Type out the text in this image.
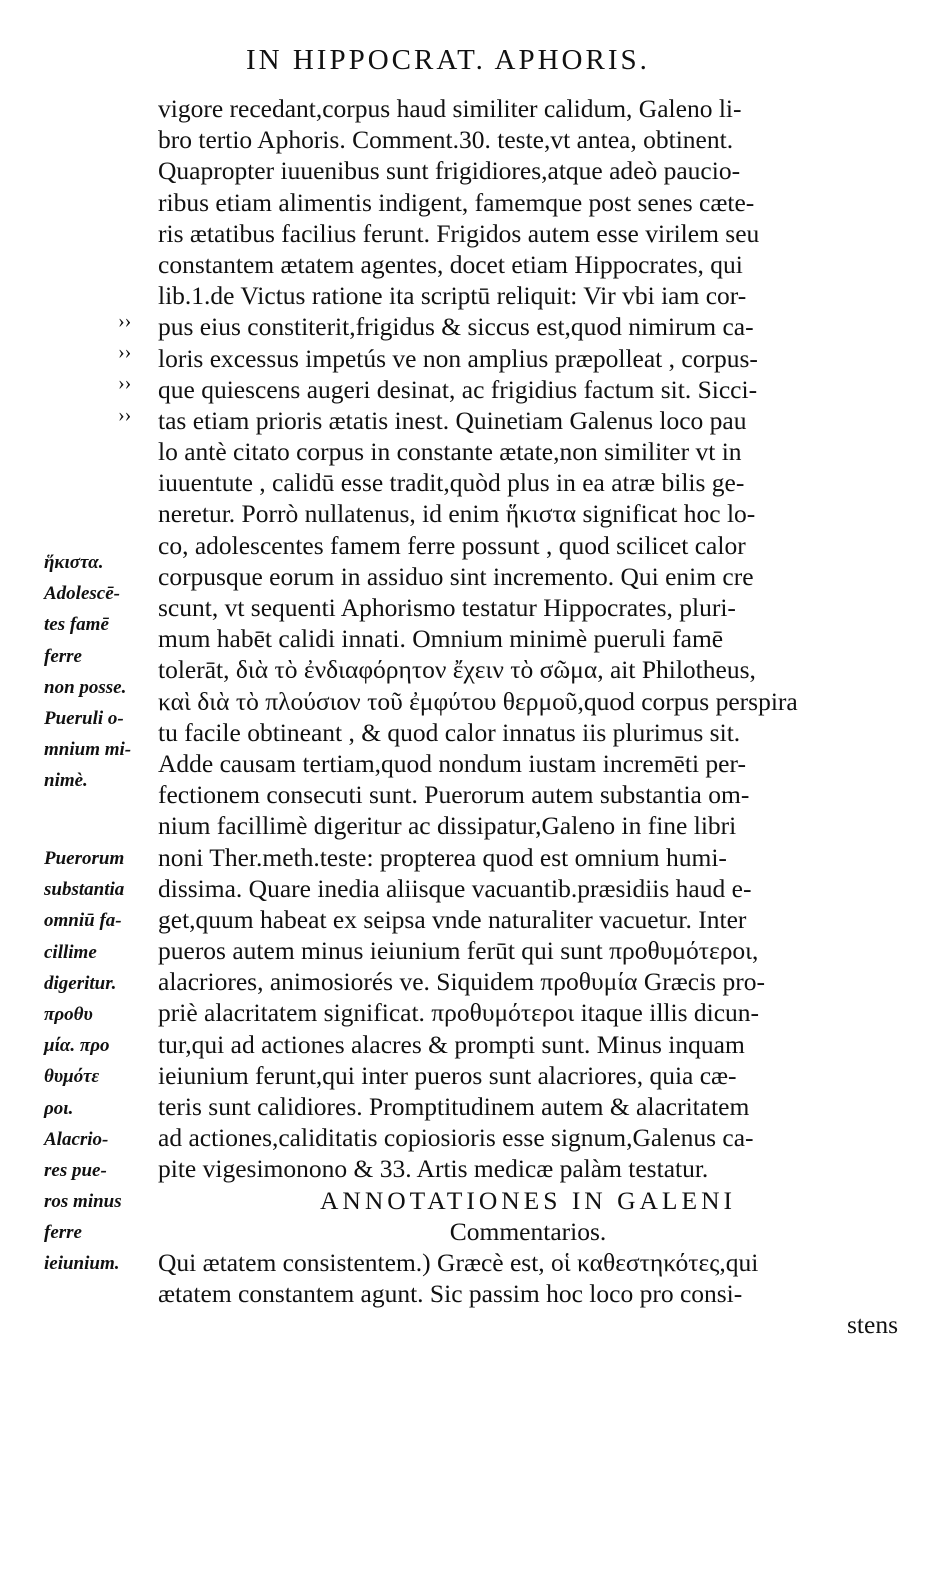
IN HIPPOCRAT. APHORIS.
››
››
››
››
ἥκιστα.
Adolescē-
tes famē
ferre
non posse.
Pueruli o-
mnium mi-
nimè.
Puerorum
substantia
omniū fa-
cillime
digeritur.
προθυ
μία. προ
θυμότε
ροι.
Alacrio-
res pue-
ros minus
ferre
ieiunium.
vigore recedant,corpus haud similiter calidum, Galeno li-
bro tertio Aphoris. Comment.30. teste,vt antea, obtinent.
Quapropter iuuenibus sunt frigidiores,atque adeò paucio-
ribus etiam alimentis indigent, famemque post senes cæte-
ris ætatibus facilius ferunt. Frigidos autem esse virilem seu
constantem ætatem agentes, docet etiam Hippocrates, qui
lib.1.de Victus ratione ita scriptū reliquit: Vir vbi iam cor-
pus eius constiterit,frigidus & siccus est,quod nimirum ca-
loris excessus impetús ve non amplius præpolleat , corpus-
que quiescens augeri desinat, ac frigidius factum sit. Sicci-
tas etiam prioris ætatis inest. Quinetiam Galenus loco pau
lo antè citato corpus in constante ætate,non similiter vt in
iuuentute , calidū esse tradit,quòd plus in ea atræ bilis ge-
neretur. Porrò nullatenus, id enim ἥκιστα significat hoc lo-
co, adolescentes famem ferre possunt , quod scilicet calor
corpusque eorum in assiduo sint incremento. Qui enim cre
scunt, vt sequenti Aphorismo testatur Hippocrates, pluri-
mum habēt calidi innati. Omnium minimè pueruli famē
tolerāt, διὰ τὸ ἐνδιαφόρητον ἔχειν τὸ σῶμα, ait Philotheus,
καὶ διὰ τὸ πλούσιον τοῦ ἐμφύτου θερμοῦ,quod corpus perspira
tu facile obtineant , & quod calor innatus iis plurimus sit.
Adde causam tertiam,quod nondum iustam incremēti per-
fectionem consecuti sunt. Puerorum autem substantia om-
nium facillimè digeritur ac dissipatur,Galeno in fine libri
noni Ther.meth.teste: propterea quod est omnium humi-
dissima. Quare inedia aliisque vacuantib.præsidiis haud e-
get,quum habeat ex seipsa vnde naturaliter vacuetur. Inter
pueros autem minus ieiunium ferūt qui sunt προθυμότεροι,
alacriores, animosiorés ve. Siquidem προθυμία Græcis pro-
priè alacritatem significat. προθυμότεροι itaque illis dicun-
tur,qui ad actiones alacres & prompti sunt. Minus inquam
ieiunium ferunt,qui inter pueros sunt alacriores, quia cæ-
teris sunt calidiores. Promptitudinem autem & alacritatem
ad actiones,caliditatis copiosioris esse signum,Galenus ca-
pite vigesimonono & 33. Artis medicæ palàm testatur.
ANNOTATIONES IN GALENI
Commentarios.
Qui ætatem consistentem.) Græcè est, οἱ καθεστηκότες,qui
ætatem constantem agunt. Sic passim hoc loco pro consi-
stens
